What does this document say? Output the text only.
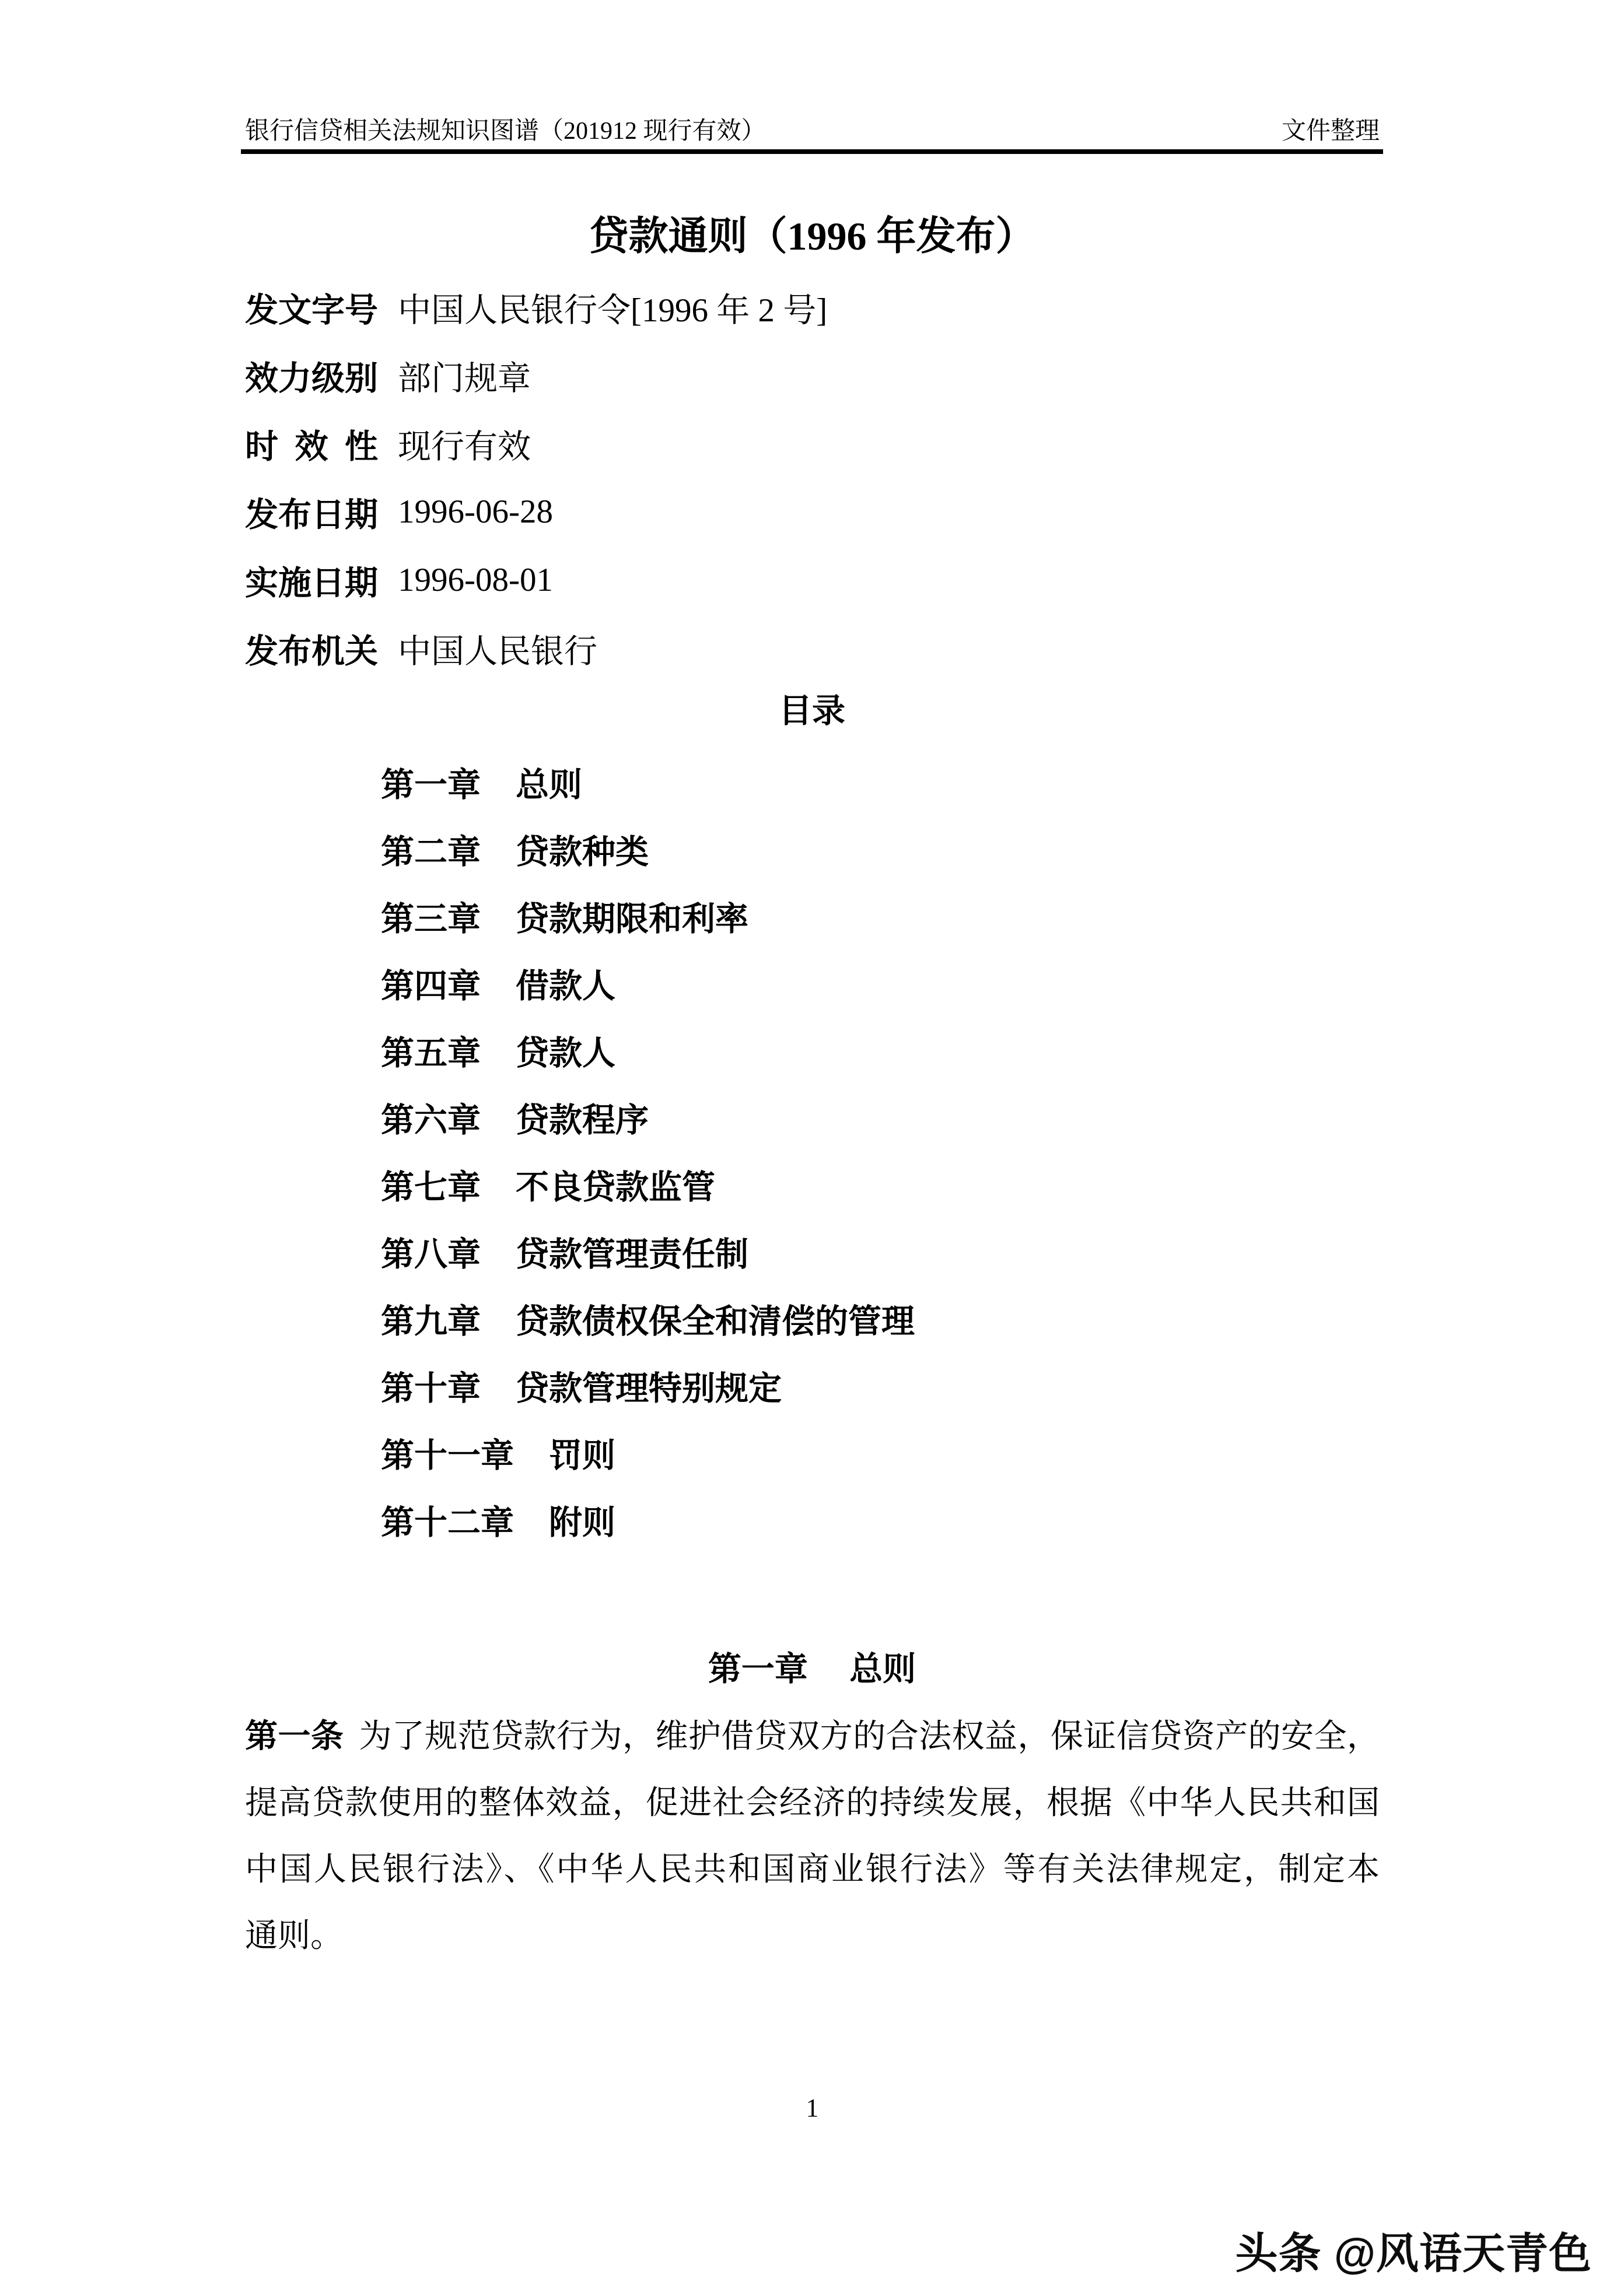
银行信贷相关法规知识图谱（201912 现行有效）	文件整理
贷款通则（1996 年发布）
发文字号 中国人民银行令[1996 年 2 号]
效力级别 部门规章
时 效 性 现行有效
发布日期 1996-06-28
实施日期 1996-08-01
发布机关 中国人民银行
目录
第一章 总则
第二章 贷款种类
第三章 贷款期限和利率
第四章 借款人
第五章 贷款人
第六章 贷款程序
第七章 不良贷款监管
第八章 贷款管理责任制
第九章 贷款债权保全和清偿的管理
第十章 贷款管理特别规定
第十一章 罚则
第十二章 附则
第一章 总则
第一条 为了规范贷款行为，维护借贷双方的合法权益，保证信贷资产的安全，
提高贷款使用的整体效益，促进社会经济的持续发展，根据《中华人民共和国
中国人民银行法》、《中华人民共和国商业银行法》等有关法律规定，制定本
通则。
1
头条 @风语天青色
